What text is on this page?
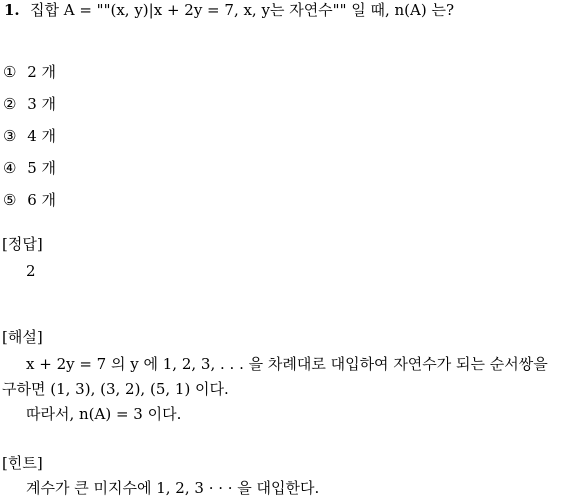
1. 집합 A = ""(x, y)|x + 2y = 7, x, y는 자연수"" 일 때, n(A) 는?
① 2 개
② 3 개
③ 4 개
④ 5 개
⑤ 6 개
[정답]
2
[해설]
x + 2y = 7 의 y 에 1, 2, 3, . . . 을 차례대로 대입하여 자연수가 되는 순서쌍을
구하면 (1, 3), (3, 2), (5, 1) 이다.
따라서, n(A) = 3 이다.
[힌트]
계수가 큰 미지수에 1, 2, 3 · · · 을 대입한다.
